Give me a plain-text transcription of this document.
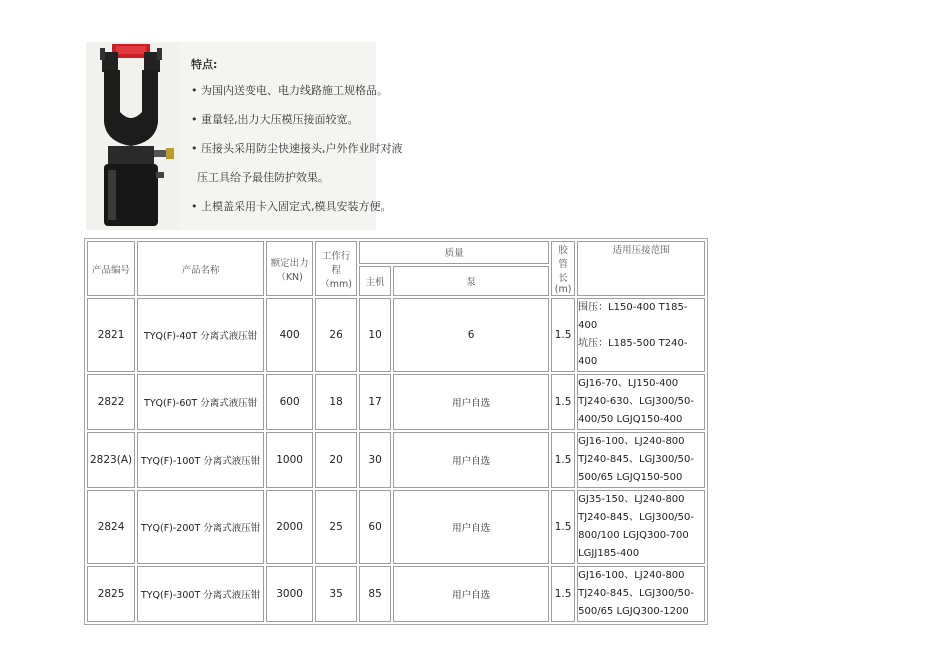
特点:
• 为国内送变电、电力线路施工规格品。
• 重量轻,出力大压模压接面较宽。
• 压接头采用防尘快速接头,户外作业时对液
压工具给予最佳防护效果。
• 上模盖采用卡入固定式,模具安装方便。
产品编号	产品名称	额定出力（KN)	工作行程（mm)	质量		胶管长(m)	适用压接范围
				主机	泵		
2821	TYQ(F)-40T 分离式液压钳	400	26	10	6	1.5	围压：L150-400 T185-400
坑压：L185-500 T240-400

2822	TYQ(F)-60T 分离式液压钳	600	18	17	用户自选	1.5	GJ16-70、LJ150-400
TJ240-630、LGJ300/50-
400/50 LGJQ150-400

2823(A)	TYQ(F)-100T 分离式液压钳	1000	20	30	用户自选	1.5	GJ16-100、LJ240-800
TJ240-845、LGJ300/50-
500/65 LGJQ150-500

2824	TYQ(F)-200T 分离式液压钳	2000	25	60	用户自选	1.5	GJ35-150、LJ240-800
TJ240-845、LGJ300/50-
800/100 LGJQ300-700
LGJJ185-400

2825	TYQ(F)-300T 分离式液压钳	3000	35	85	用户自选	1.5	GJ16-100、LJ240-800
TJ240-845、LGJ300/50-
500/65 LGJQ300-1200
